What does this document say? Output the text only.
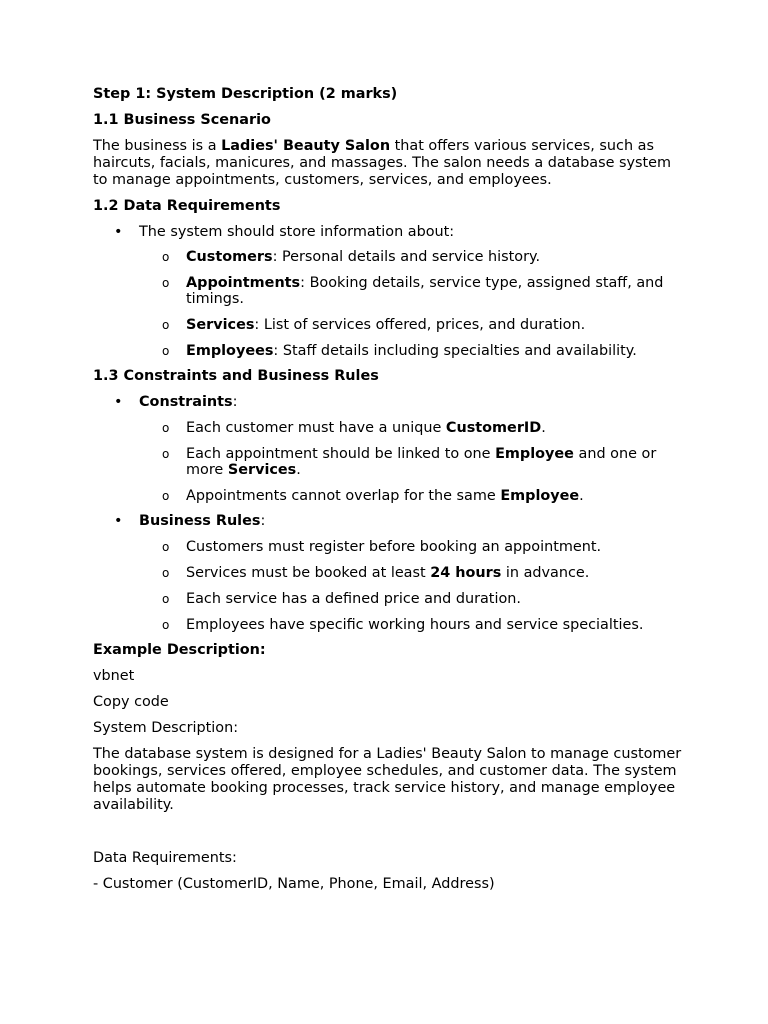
Step 1: System Description (2 marks)

1.1 Business Scenario

The business is a Ladies' Beauty Salon that offers various services, such as haircuts, facials, manicures, and massages. The salon needs a database system to manage appointments, customers, services, and employees.

1.2 Data Requirements

• The system should store information about:
o Customers: Personal details and service history.
o Appointments: Booking details, service type, assigned staff, and timings.
o Services: List of services offered, prices, and duration.
o Employees: Staff details including specialties and availability.

1.3 Constraints and Business Rules

• Constraints:
o Each customer must have a unique CustomerID.
o Each appointment should be linked to one Employee and one or more Services.
o Appointments cannot overlap for the same Employee.
• Business Rules:
o Customers must register before booking an appointment.
o Services must be booked at least 24 hours in advance.
o Each service has a defined price and duration.
o Employees have specific working hours and service specialties.

Example Description:

vbnet

Copy code

System Description:

The database system is designed for a Ladies' Beauty Salon to manage customer bookings, services offered, employee schedules, and customer data. The system helps automate booking processes, track service history, and manage employee availability.

Data Requirements:

- Customer (CustomerID, Name, Phone, Email, Address)
